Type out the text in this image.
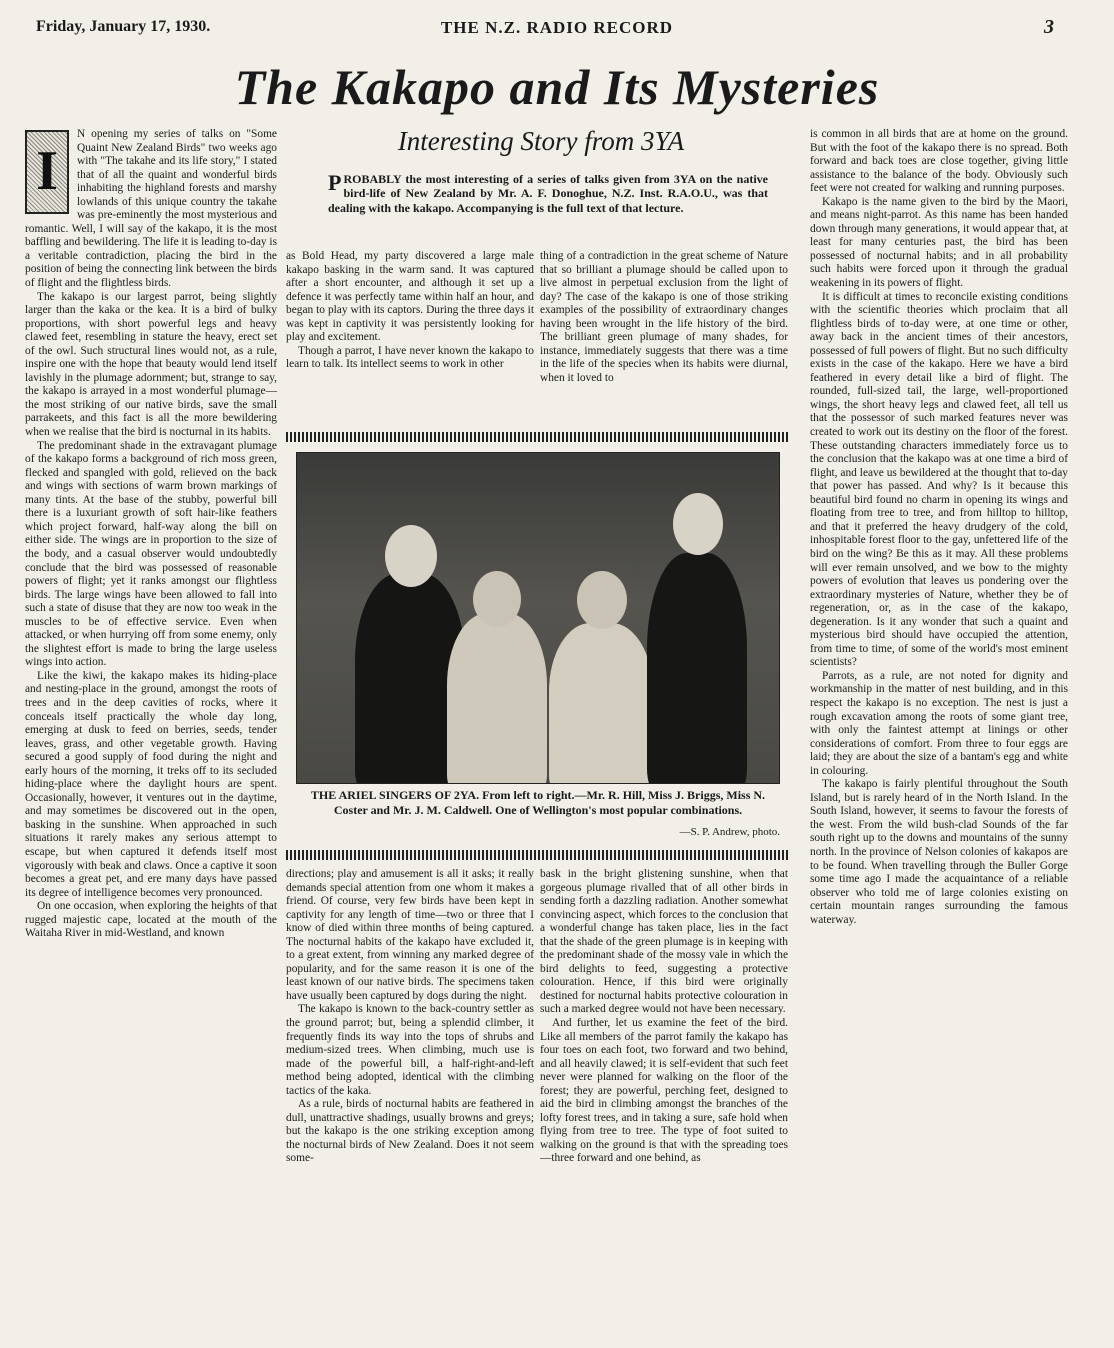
Friday, January 17, 1930.	THE N.Z. RADIO RECORD	3
The Kakapo and Its Mysteries
I

N opening my series of talks on "Some Quaint New Zealand Birds" two weeks ago with "The takahe and its life story," I stated that of all the quaint and wonderful birds inhabiting the highland forests and marshy lowlands of this unique country the takahe was pre-eminently the most mysterious and romantic. Well, I will say of the kakapo, it is the most baffling and bewildering. The life it is leading to-day is a veritable contradiction, placing the bird in the position of being the connecting link between the birds of flight and the flightless birds.

The kakapo is our largest parrot, being slightly larger than the kaka or the kea. It is a bird of bulky proportions, with short powerful legs and heavy clawed feet, resembling in stature the heavy, erect set of the owl. Such structural lines would not, as a rule, inspire one with the hope that beauty would lend itself lavishly in the plumage adornment; but, strange to say, the kakapo is arrayed in a most wonderful plumage—the most striking of our native birds, save the small parrakeets, and this fact is all the more bewildering when we realise that the bird is nocturnal in its habits.

The predominant shade in the extravagant plumage of the kakapo forms a background of rich moss green, flecked and spangled with gold, relieved on the back and wings with sections of warm brown markings of many tints. At the base of the stubby, powerful bill there is a luxuriant growth of soft hair-like feathers which project forward, half-way along the bill on either side. The wings are in proportion to the size of the body, and a casual observer would undoubtedly conclude that the bird was possessed of reasonable powers of flight; yet it ranks amongst our flightless birds. The large wings have been allowed to fall into such a state of disuse that they are now too weak in the muscles to be of effective service. Even when attacked, or when hurrying off from some enemy, only the slightest effort is made to bring the large useless wings into action.

Like the kiwi, the kakapo makes its hiding-place and nesting-place in the ground, amongst the roots of trees and in the deep cavities of rocks, where it conceals itself practically the whole day long, emerging at dusk to feed on berries, seeds, tender leaves, grass, and other vegetable growth. Having secured a good supply of food during the night and early hours of the morning, it treks off to its secluded hiding-place where the daylight hours are spent. Occasionally, however, it ventures out in the daytime, and may sometimes be discovered out in the open, basking in the sunshine. When approached in such situations it rarely makes any serious attempt to escape, but when captured it defends itself most vigorously with beak and claws. Once a captive it soon becomes a great pet, and ere many days have passed its degree of intelligence becomes very pronounced.

On one occasion, when exploring the heights of that rugged majestic cape, located at the mouth of the Waitaha River in mid-Westland, and known

Interesting Story from 3YA
PROBABLY the most interesting of a series of talks given from 3YA on the native bird-life of New Zealand by Mr. A. F. Donoghue, N.Z. Inst. R.A.O.U., was that dealing with the kakapo. Accompanying is the full text of that lecture.

as Bold Head, my party discovered a large male kakapo basking in the warm sand. It was captured after a short encounter, and although it set up a defence it was perfectly tame within half an hour, and began to play with its captors. During the three days it was kept in captivity it was persistently looking for play and excitement.

Though a parrot, I have never known the kakapo to learn to talk. Its intellect seems to work in other

thing of a contradiction in the great scheme of Nature that so brilliant a plumage should be called upon to live almost in perpetual exclusion from the light of day? The case of the kakapo is one of those striking examples of the possibility of extraordinary changes having been wrought in the life history of the bird. The brilliant green plumage of many shades, for instance, immediately suggests that there was a time in the life of the species when its habits were diurnal, when it loved to

THE ARIEL SINGERS OF 2YA. From left to right.—Mr. R. Hill, Miss J. Briggs, Miss N. Coster and Mr. J. M. Caldwell. One of Wellington's most popular combinations.
—S. P. Andrew, photo.

directions; play and amusement is all it asks; it really demands special attention from one whom it makes a friend. Of course, very few birds have been kept in captivity for any length of time—two or three that I know of died within three months of being captured. The nocturnal habits of the kakapo have excluded it, to a great extent, from winning any marked degree of popularity, and for the same reason it is one of the least known of our native birds. The specimens taken have usually been captured by dogs during the night.

The kakapo is known to the back-country settler as the ground parrot; but, being a splendid climber, it frequently finds its way into the tops of shrubs and medium-sized trees. When climbing, much use is made of the powerful bill, a half-right-and-left method being adopted, identical with the climbing tactics of the kaka.

As a rule, birds of nocturnal habits are feathered in dull, unattractive shadings, usually browns and greys; but the kakapo is the one striking exception among the nocturnal birds of New Zealand. Does it not seem some-

bask in the bright glistening sunshine, when that gorgeous plumage rivalled that of all other birds in sending forth a dazzling radiation. Another somewhat convincing aspect, which forces to the conclusion that a wonderful change has taken place, lies in the fact that the shade of the green plumage is in keeping with the predominant shade of the mossy vale in which the bird delights to feed, suggesting a protective colouration. Hence, if this bird were originally destined for nocturnal habits protective colouration in such a marked degree would not have been necessary.

And further, let us examine the feet of the bird. Like all members of the parrot family the kakapo has four toes on each foot, two forward and two behind, and all heavily clawed; it is self-evident that such feet never were planned for walking on the floor of the forest; they are powerful, perching feet, designed to aid the bird in climbing amongst the branches of the lofty forest trees, and in taking a sure, safe hold when flying from tree to tree. The type of foot suited to walking on the ground is that with the spreading toes—three forward and one behind, as

is common in all birds that are at home on the ground. But with the foot of the kakapo there is no spread. Both forward and back toes are close together, giving little assistance to the balance of the body. Obviously such feet were not created for walking and running purposes.

Kakapo is the name given to the bird by the Maori, and means night-parrot. As this name has been handed down through many generations, it would appear that, at least for many centuries past, the bird has been possessed of nocturnal habits; and in all probability such habits were forced upon it through the gradual weakening in its powers of flight.

It is difficult at times to reconcile existing conditions with the scientific theories which proclaim that all flightless birds of to-day were, at one time or other, away back in the ancient times of their ancestors, possessed of full powers of flight. But no such difficulty exists in the case of the kakapo. Here we have a bird feathered in every detail like a bird of flight. The rounded, full-sized tail, the large, well-proportioned wings, the short heavy legs and clawed feet, all tell us that the possessor of such marked features never was created to work out its destiny on the floor of the forest. These outstanding characters immediately force us to the conclusion that the kakapo was at one time a bird of flight, and leave us bewildered at the thought that to-day that power has passed. And why? Is it because this beautiful bird found no charm in opening its wings and floating from tree to tree, and from hilltop to hilltop, and that it preferred the heavy drudgery of the cold, inhospitable forest floor to the gay, unfettered life of the bird on the wing? Be this as it may. All these problems will ever remain unsolved, and we bow to the mighty powers of evolution that leaves us pondering over the extraordinary mysteries of Nature, whether they be of regeneration, or, as in the case of the kakapo, degeneration. Is it any wonder that such a quaint and mysterious bird should have occupied the attention, from time to time, of some of the world's most eminent scientists?

Parrots, as a rule, are not noted for dignity and workmanship in the matter of nest building, and in this respect the kakapo is no exception. The nest is just a rough excavation among the roots of some giant tree, with only the faintest attempt at linings or other considerations of comfort. From three to four eggs are laid; they are about the size of a bantam's egg and white in colouring.

The kakapo is fairly plentiful throughout the South Island, but is rarely heard of in the North Island. In the South Island, however, it seems to favour the forests of the west. From the wild bush-clad Sounds of the far south right up to the downs and mountains of the sunny north. In the province of Nelson colonies of kakapos are to be found. When travelling through the Buller Gorge some time ago I made the acquaintance of a reliable observer who told me of large colonies existing on certain mountain ranges surrounding the famous waterway.
